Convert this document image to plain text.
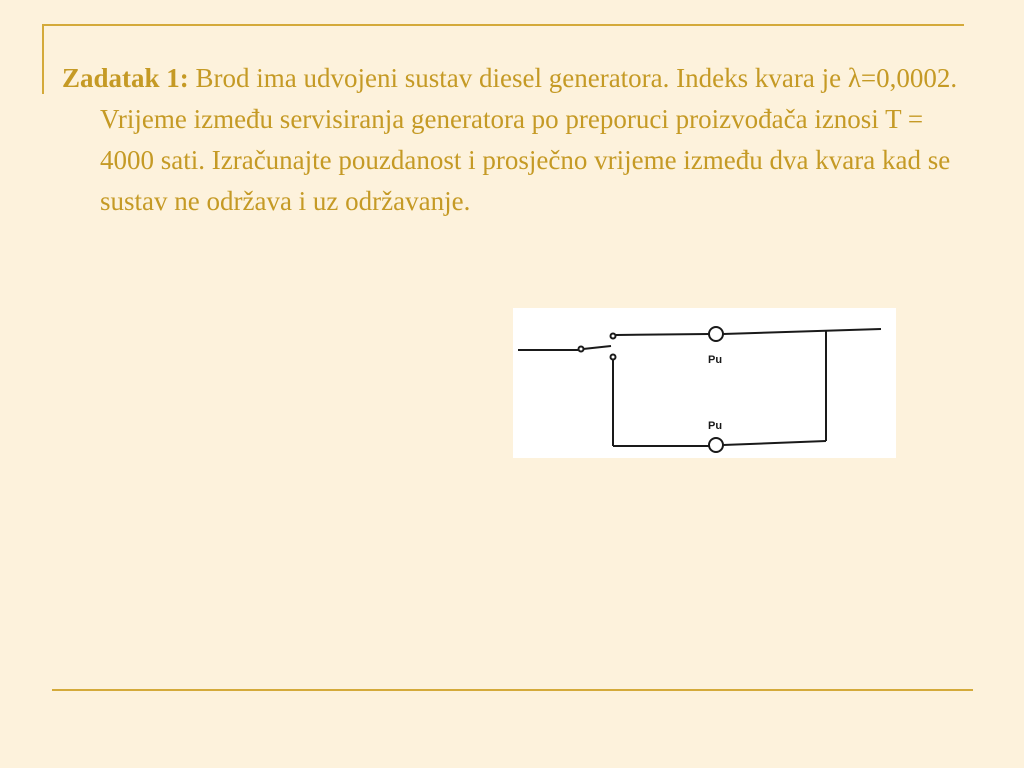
Zadatak 1: Brod ima udvojeni sustav diesel generatora. Indeks kvara je λ=0,0002. Vrijeme između servisiranja generatora po preporuci proizvođača iznosi T = 4000 sati. Izračunajte pouzdanost i prosječno vrijeme između dva kvara kad se sustav ne održava i uz održavanje.
Pu
Pu
